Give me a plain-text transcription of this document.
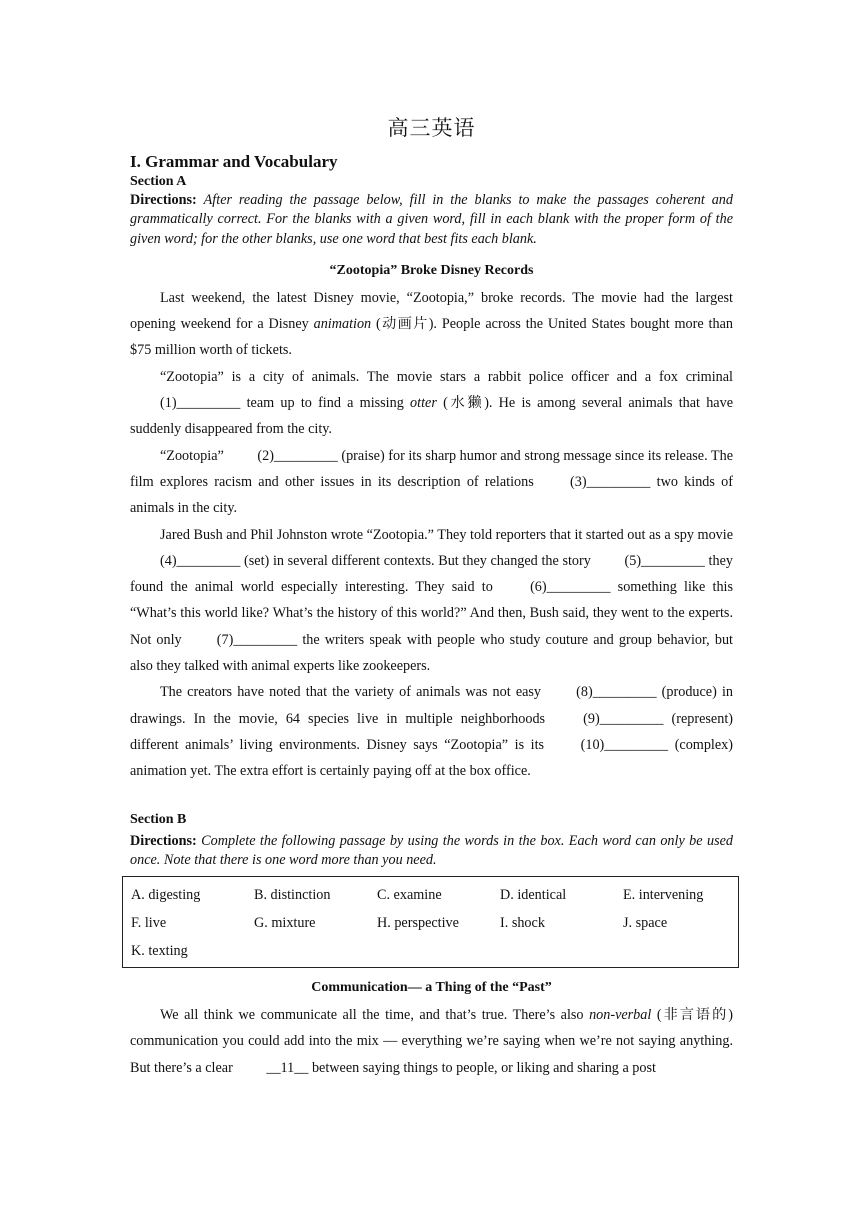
高三英语
I. Grammar and Vocabulary
Section A

Directions: After reading the passage below, fill in the blanks to make the passages coherent and grammatically correct. For the blanks with a given word, fill in each blank with the proper form of the given word; for the other blanks, use one word that best fits each blank.

“Zootopia” Broke Disney Records

Last weekend, the latest Disney movie, “Zootopia,” broke records. The movie had the largest opening weekend for a Disney animation (动画片). People across the United States bought more than $75 million worth of tickets.

“Zootopia” is a city of animals. The movie stars a rabbit police officer and a fox criminal (1)_________ team up to find a missing otter (水獭). He is among several animals that have suddenly disappeared from the city.

“Zootopia” (2)_________ (praise) for its sharp humor and strong message since its release. The film explores racism and other issues in its description of relations (3)_________ two kinds of animals in the city.

Jared Bush and Phil Johnston wrote “Zootopia.” They told reporters that it started out as a spy movie (4)_________ (set) in several different contexts. But they changed the story (5)_________ they found the animal world especially interesting. They said to (6)_________ something like this “What’s this world like? What’s the history of this world?” And then, Bush said, they went to the experts. Not only (7)_________ the writers speak with people who study couture and group behavior, but also they talked with animal experts like zookeepers.

The creators have noted that the variety of animals was not easy (8)_________ (produce) in drawings. In the movie, 64 species live in multiple neighborhoods (9)_________ (represent) different animals’ living environments. Disney says “Zootopia” is its (10)_________ (complex) animation yet. The extra effort is certainly paying off at the box office.

Section B

Directions: Complete the following passage by using the words in the box. Each word can only be used once. Note that there is one word more than you need.

A. digesting	B. distinction	C. examine	D. identical	E. intervening
F. live	G. mixture	H. perspective	I. shock	J. space
K. texting
Communication— a Thing of the “Past”

We all think we communicate all the time, and that’s true. There’s also non-verbal (非言语的) communication you could add into the mix — everything we’re saying when we’re not saying anything. But there’s a clear __11__ between saying things to people, or liking and sharing a post
